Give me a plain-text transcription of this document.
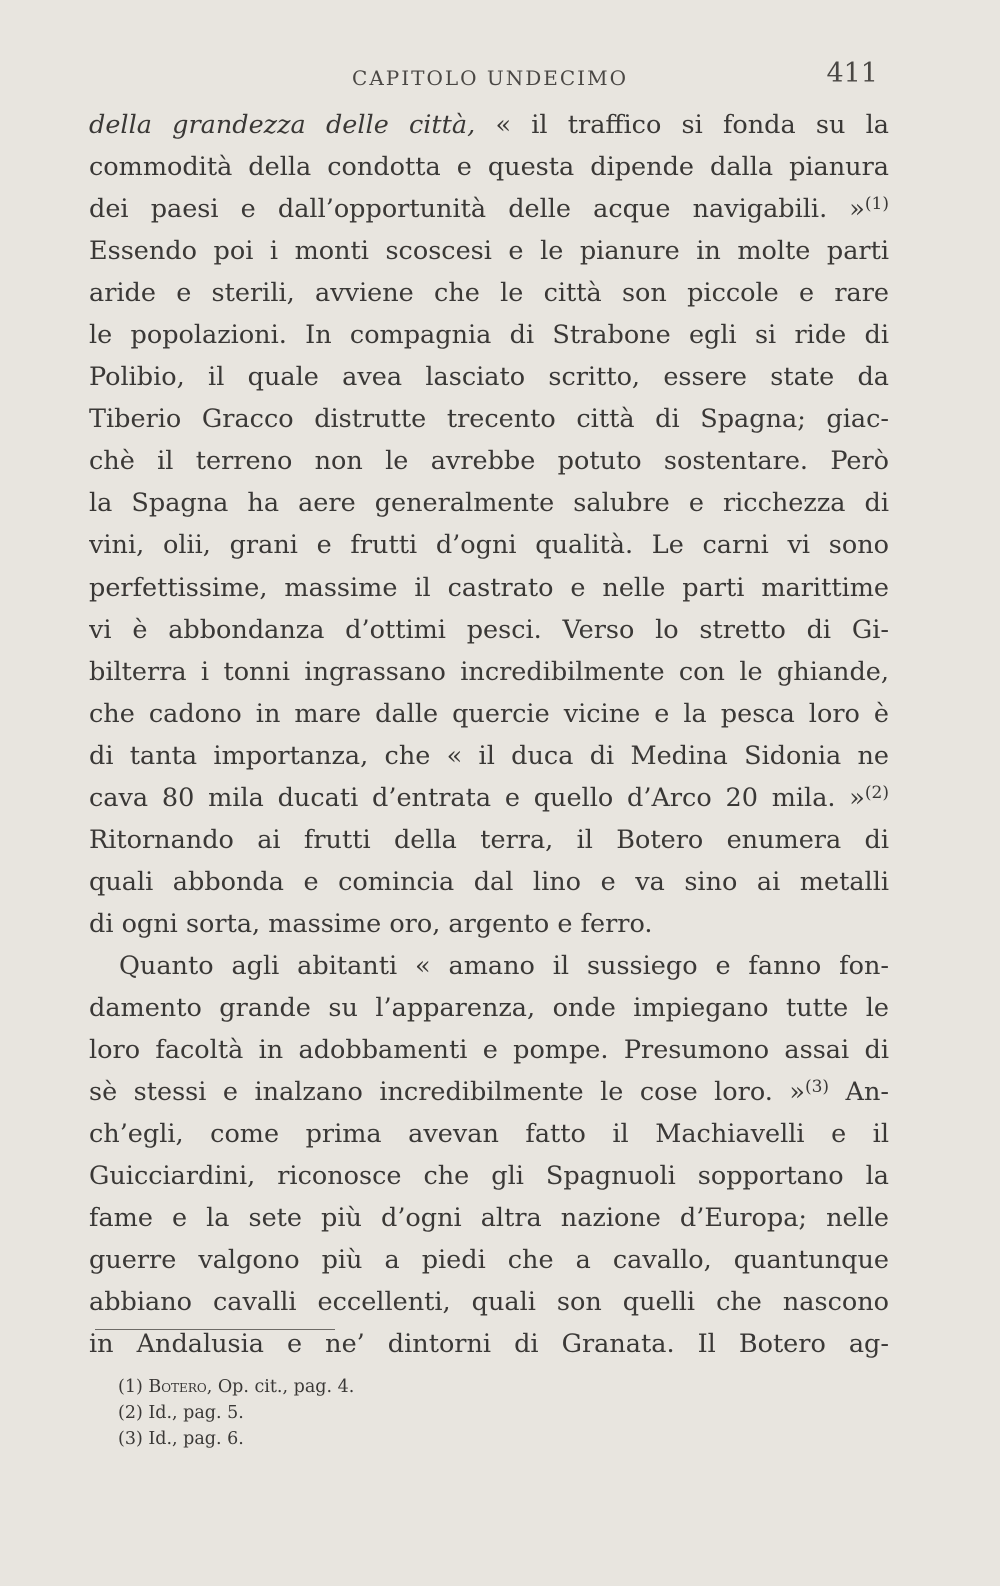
CAPITOLO UNDECIMO	411
della grandezza delle città, « il traffico si fonda su la
commodità della condotta e questa dipende dalla pianura
dei paesi e dall’opportunità delle acque navigabili. »$^{(1)}$
Essendo poi i monti scoscesi e le pianure in molte parti
aride e sterili, avviene che le città son piccole e rare
le popolazioni. In compagnia di Strabone egli si ride di
Polibio, il quale avea lasciato scritto, essere state da
Tiberio Gracco distrutte trecento città di Spagna; giac-
chè il terreno non le avrebbe potuto sostentare. Però
la Spagna ha aere generalmente salubre e ricchezza di
vini, olii, grani e frutti d’ogni qualità. Le carni vi sono
perfettissime, massime il castrato e nelle parti marittime
vi è abbondanza d’ottimi pesci. Verso lo stretto di Gi-
bilterra i tonni ingrassano incredibilmente con le ghiande,
che cadono in mare dalle quercie vicine e la pesca loro è
di tanta importanza, che « il duca di Medina Sidonia ne
cava 80 mila ducati d’entrata e quello d’Arco 20 mila. »$^{(2)}$
Ritornando ai frutti della terra, il Botero enumera di
quali abbonda e comincia dal lino e va sino ai metalli
di ogni sorta, massime oro, argento e ferro.
Quanto agli abitanti « amano il sussiego e fanno fon-
damento grande su l’apparenza, onde impiegano tutte le
loro facoltà in adobbamenti e pompe. Presumono assai di
sè stessi e inalzano incredibilmente le cose loro. »$^{(3)}$ An-
ch’egli, come prima avevan fatto il Machiavelli e il
Guicciardini, riconosce che gli Spagnuoli sopportano la
fame e la sete più d’ogni altra nazione d’Europa; nelle
guerre valgono più a piedi che a cavallo, quantunque
abbiano cavalli eccellenti, quali son quelli che nascono
in Andalusia e ne’ dintorni di Granata. Il Botero ag-
(1) Botero, Op. cit., pag. 4.
(2) Id., pag. 5.
(3) Id., pag. 6.
